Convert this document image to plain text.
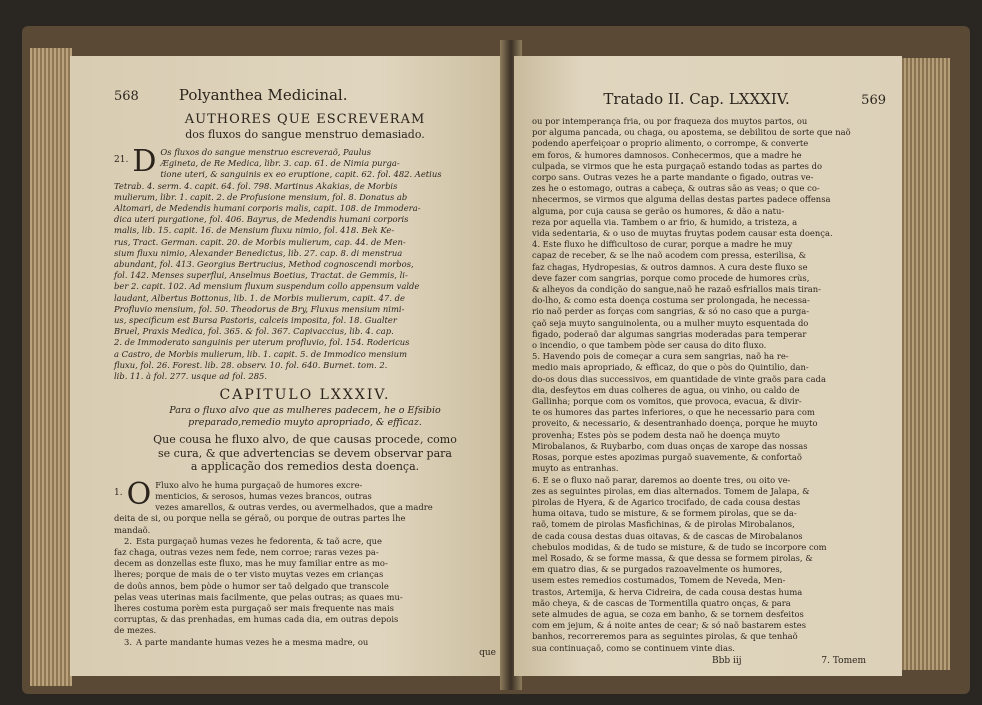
568	Polyanthea Medicinal.
AUTHORES QUE ESCREVERAM
dos fluxos do sangue menstruo demasiado.
21. D Os fluxos do sangue menstruo escreveraõ, Paulus

Ægineta, de Re Medica, libr. 3. cap. 61. de Nimia purga-

tione uteri, & sanguinis ex eo eruptione, capit. 62. fol. 482. Aetius

Tetrab. 4. serm. 4. capit. 64. fol. 798. Martinus Akakias, de Morbis

mulierum, libr. 1. capit. 2. de Profusione mensium, fol. 8. Donatus ab

Altomari, de Medendis humani corporis malis, capit. 108. de Immodera-

dica uteri purgatione, fol. 406. Bayrus, de Medendis humani corporis

malis, lib. 15. capit. 16. de Mensium fluxu nimio, fol. 418. Bek Ke-

rus, Tract. German. capit. 20. de Morbis mulierum, cap. 44. de Men-

sium fluxu nimio, Alexander Benedictus, lib. 27. cap. 8. di menstrua

abundant, fol. 413. Georgius Bertrucius, Method cognoscendi morbos,

fol. 142. Menses superflui, Anselmus Boetius, Tractat. de Gemmis, li-

ber 2. capit. 102. Ad mensium fluxum suspendum collo appensum valde

laudant, Albertus Bottonus, lib. 1. de Morbis mulierum, capit. 47. de

Profluvio mensium, fol. 50. Theodorus de Bry, Fluxus mensium nimi-

us, specificum est Bursa Pastoris, calceis imposita, fol. 18. Gualter

Bruel, Praxis Medica, fol. 365. & fol. 367. Capivaccius, lib. 4. cap.

2. de Immoderato sanguinis per uterum profluvio, fol. 154. Rodericus

a Castro, de Morbis mulierum, lib. 1. capit. 5. de Immodico mensium

fluxu, fol. 26. Forest. lib. 28. observ. 10. fol. 640. Burnet. tom. 2.

lib. 11. à fol. 277. usque ad fol. 285.

CAPITULO LXXXIV.
Para o fluxo alvo que as mulheres padecem, he o Efsibio
preparado,remedio muyto apropriado, & efficaz.
Que cousa he fluxo alvo, de que causas procede, como
se cura, & que advertencias se devem observar para
a applicação dos remedios desta doença.
1. O Fluxo alvo he huma purgaçaõ de humores excre-

menticios, & serosos, humas vezes brancos, outras

vezes amarellos, & outras verdes, ou avermelhados, que a madre

deita de si, ou porque nella se géraõ, ou porque de outras partes lhe

mandaõ.

2. Esta purgaçaõ humas vezes he fedorenta, & taõ acre, que

faz chaga, outras vezes nem fede, nem corroe; raras vezes pa-

decem as donzellas este fluxo, mas he muy familiar entre as mo-

lheres; porque de mais de o ter visto muytas vezes em crianças

de doûs annos, bem pòde o humor ser taõ delgado que transcole

pelas veas uterinas mais facilmente, que pelas outras; as quaes mu-

lheres costuma porèm esta purgaçaõ ser mais frequente nas mais

corruptas, & das prenhadas, em humas cada dia, em outras depois

de mezes.

3. A parte mandante humas vezes he a mesma madre, ou

que
Tratado II. Cap. LXXXIV.	569

ou por intemperança fria, ou por fraqueza dos muytos partos, ou

por alguma pancada, ou chaga, ou apostema, se debilitou de sorte que naõ

podendo aperfeiçoar o proprio alimento, o corrompe, & converte

em foros, & humores damnosos. Conhecermos, que a madre he

culpada, se virmos que he esta purgaçaõ estando todas as partes do

corpo sans. Outras vezes he a parte mandante o figado, outras ve-

zes he o estomago, outras a cabeça, & outras são as veas; o que co-

nhecermos, se virmos que alguma dellas destas partes padece offensa

alguma, por cuja causa se gerão os humores, & dão a natu-

reza por aquella via. Tambem o ar frio, & humido, a tristeza, a

vida sedentaria, & o uso de muytas fruytas podem causar esta doença.

4. Este fluxo he difficultoso de curar, porque a madre he muy

capaz de receber, & se lhe naõ acodem com pressa, esterilisa, &

faz chagas, Hydropesias, & outros damnos. A cura deste fluxo se

deve fazer com sangrias, porque como procede de humores crùs,

& alheyos da condição do sangue,naõ he razaõ esfriallos mais tiran-

do-lho, & como esta doença costuma ser prolongada, he necessa-

rio naõ perder as forças com sangrias, & só no caso que a purga-

çaõ seja muyto sanguinolenta, ou a mulher muyto esquentada do

figado, poderaõ dar algumas sangrias moderadas para temperar

o incendio, o que tambem pòde ser causa do dito fluxo.

5. Havendo pois de começar a cura sem sangrias, naõ ha re-

medio mais apropriado, & efficaz, do que o pòs do Quintilio, dan-

do-os dous dias successivos, em quantidade de vinte graõs para cada

dia, desfeytos em duas colheres de agua, ou vinho, ou caldo de

Gallinha; porque com os vomitos, que provoca, evacua, & divir-

te os humores das partes inferiores, o que he necessario para com

proveito, & necessario, & desentranhado doença, porque he muyto

provenha; Estes pòs se podem desta naõ he doença muyto

Mirobalanos, & Ruybarbo, com duas onças de xarope das nossas

Rosas, porque estes apozimas purgaõ suavemente, & confortaõ

muyto as entranhas.

6. E se o fluxo naõ parar, daremos ao doente tres, ou oito ve-

zes as seguintes pirolas, em dias alternados. Tomem de Jalapa, &

pirolas de Hyera, & de Agarico trocifado, de cada cousa destas

huma oitava, tudo se misture, & se formem pirolas, que se da-

raõ, tomem de pirolas Masfichinas, & de pirolas Mirobalanos,

de cada cousa destas duas oitavas, & de cascas de Mirobalanos

chebulos modidas, & de tudo se misture, & de tudo se incorpore com

mel Rosado, & se forme massa, & que dessa se formem pirolas, &

em quatro dias, & se purgados razoavelmente os humores,

usem estes remedios costumados, Tomem de Neveda, Men-

trastos, Artemija, & herva Cidreira, de cada cousa destas huma

mão cheya, & de cascas de Tormentilla quatro onças, & para

sete almudes de agua, se coza em banho, & se tornem desfeitos

com em jejum, & á noite antes de cear; & só naõ bastarem estes

banhos, recorreremos para as seguintes pirolas, & que tenhaõ

sua continuaçaõ, como se continuem vinte dias.

Bbb iij	7. Tomem
